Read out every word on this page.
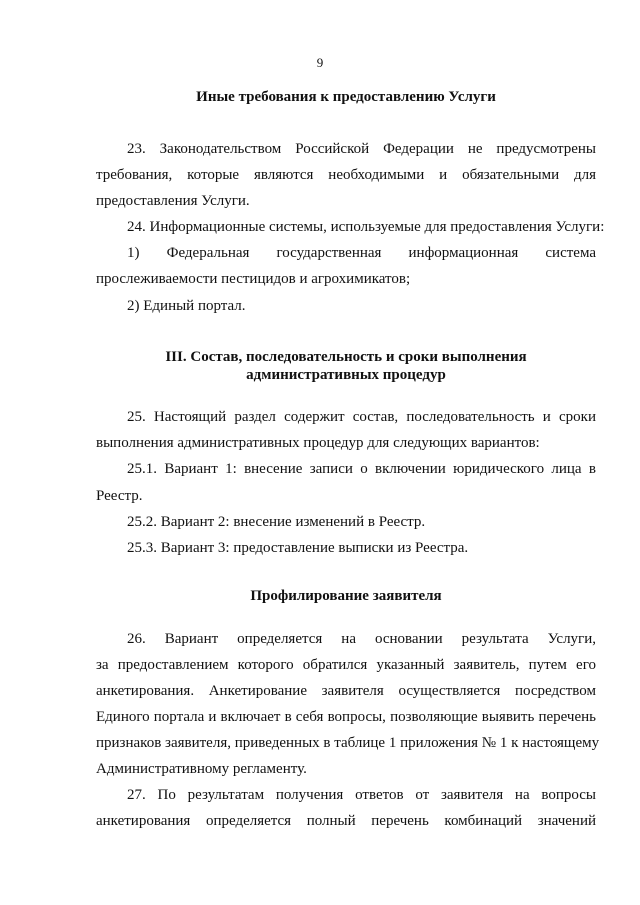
9
Иные требования к предоставлению Услуги
23. Законодательством Российской Федерации не предусмотрены
требования, которые являются необходимыми и обязательными для
предоставления Услуги.
24. Информационные системы, используемые для предоставления Услуги:
1) Федеральная государственная информационная система
прослеживаемости пестицидов и агрохимикатов;
2) Единый портал.
III. Состав, последовательность и сроки выполнения
административных процедур
25. Настоящий раздел содержит состав, последовательность и сроки
выполнения административных процедур для следующих вариантов:
25.1. Вариант 1: внесение записи о включении юридического лица в
Реестр.
25.2. Вариант 2: внесение изменений в Реестр.
25.3. Вариант 3: предоставление выписки из Реестра.
Профилирование заявителя
26. Вариант определяется на основании результата Услуги,
за предоставлением которого обратился указанный заявитель, путем его
анкетирования. Анкетирование заявителя осуществляется посредством
Единого портала и включает в себя вопросы, позволяющие выявить перечень
признаков заявителя, приведенных в таблице 1 приложения № 1 к настоящему
Административному регламенту.
27. По результатам получения ответов от заявителя на вопросы
анкетирования определяется полный перечень комбинаций значений
